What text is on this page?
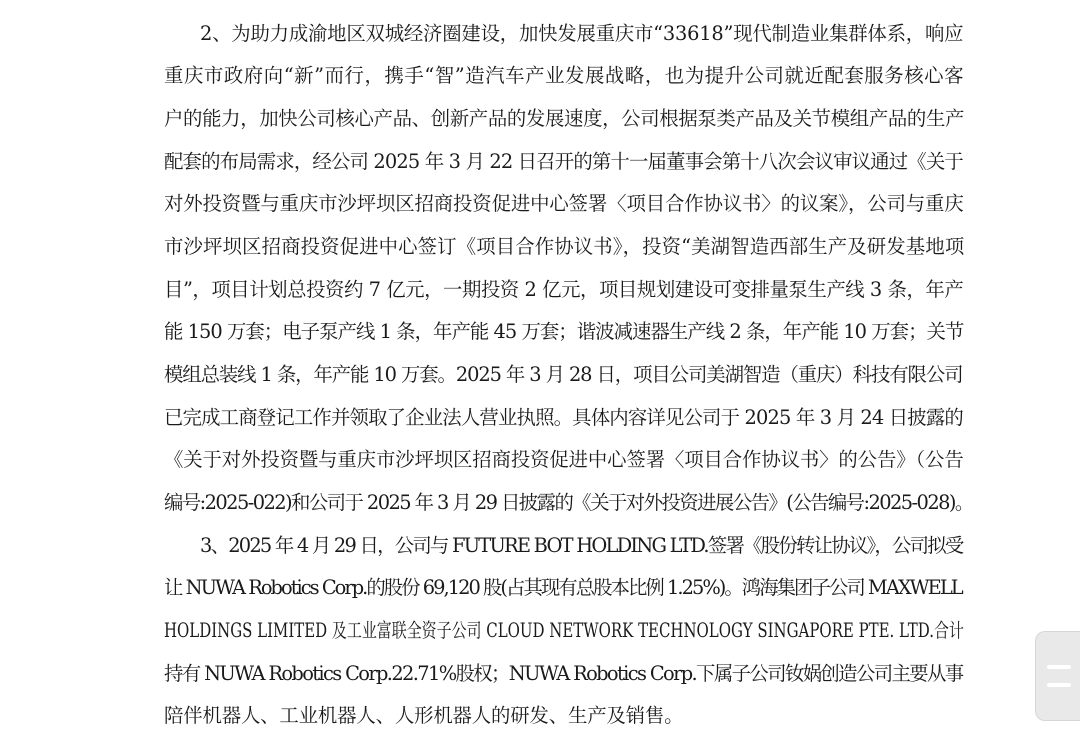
2、为助力成渝地区双城经济圈建设，加快发展重庆市“33618”现代制造业集群体系，响应
重庆市政府向“新”而行，携手“智”造汽车产业发展战略，也为提升公司就近配套服务核心客
户的能力，加快公司核心产品、创新产品的发展速度，公司根据泵类产品及关节模组产品的生产
配套的布局需求，经公司 2025 年 3 月 22 日召开的第十一届董事会第十八次会议审议通过《关于
对外投资暨与重庆市沙坪坝区招商投资促进中心签署〈项目合作协议书〉的议案》，公司与重庆
市沙坪坝区招商投资促进中心签订《项目合作协议书》，投资“美湖智造西部生产及研发基地项
目”，项目计划总投资约 7 亿元，一期投资 2 亿元，项目规划建设可变排量泵生产线 3 条，年产
能 150 万套；电子泵产线 1 条，年产能 45 万套；谐波减速器生产线 2 条，年产能 10 万套；关节
模组总装线 1 条，年产能 10 万套。2025 年 3 月 28 日，项目公司美湖智造（重庆）科技有限公司
已完成工商登记工作并领取了企业法人营业执照。具体内容详见公司于 2025 年 3 月 24 日披露的
《关于对外投资暨与重庆市沙坪坝区招商投资促进中心签署〈项目合作协议书〉的公告》（公告
编号:2025-022)和公司于 2025 年 3 月 29 日披露的《关于对外投资进展公告》(公告编号:2025-028)。
3、2025 年 4 月 29 日，公司与 FUTURE BOT HOLDING LTD.签署《股份转让协议》，公司拟受
让 NUWA Robotics Corp.的股份 69,120 股(占其现有总股本比例 1.25%)。鸿海集团子公司 MAXWELL
HOLDINGS LIMITED 及工业富联全资子公司 CLOUD NETWORK TECHNOLOGY SINGAPORE PTE. LTD.合计
持有 NUWA Robotics Corp.22.71%股权；NUWA Robotics Corp.下属子公司钕娲创造公司主要从事
陪伴机器人、工业机器人、人形机器人的研发、生产及销售。
